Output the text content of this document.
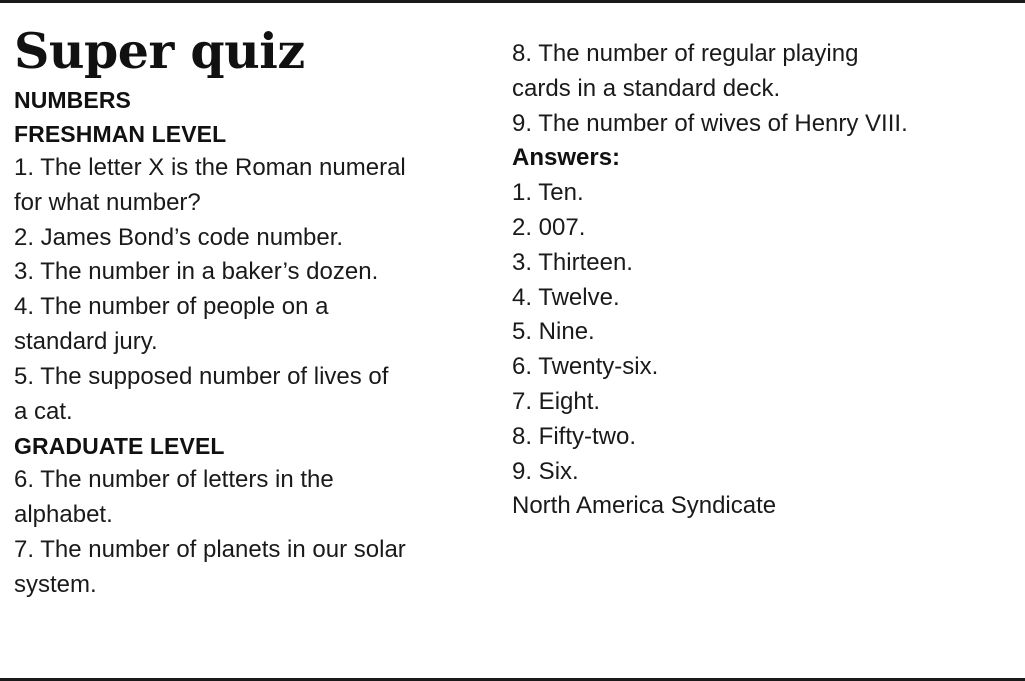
Super quiz
NUMBERS
FRESHMAN LEVEL
1. The letter X is the Roman numeral
for what number?
2. James Bond’s code number.
3. The number in a baker’s dozen.
4. The number of people on a
standard jury.
5. The supposed number of lives of
a cat.
GRADUATE LEVEL
6. The number of letters in the
alphabet.
7. The number of planets in our solar
system.
8. The number of regular playing
cards in a standard deck.
9. The number of wives of Henry VIII.
Answers:
1. Ten.
2. 007.
3. Thirteen.
4. Twelve.
5. Nine.
6. Twenty-six.
7. Eight.
8. Fifty-two.
9. Six.
North America Syndicate
